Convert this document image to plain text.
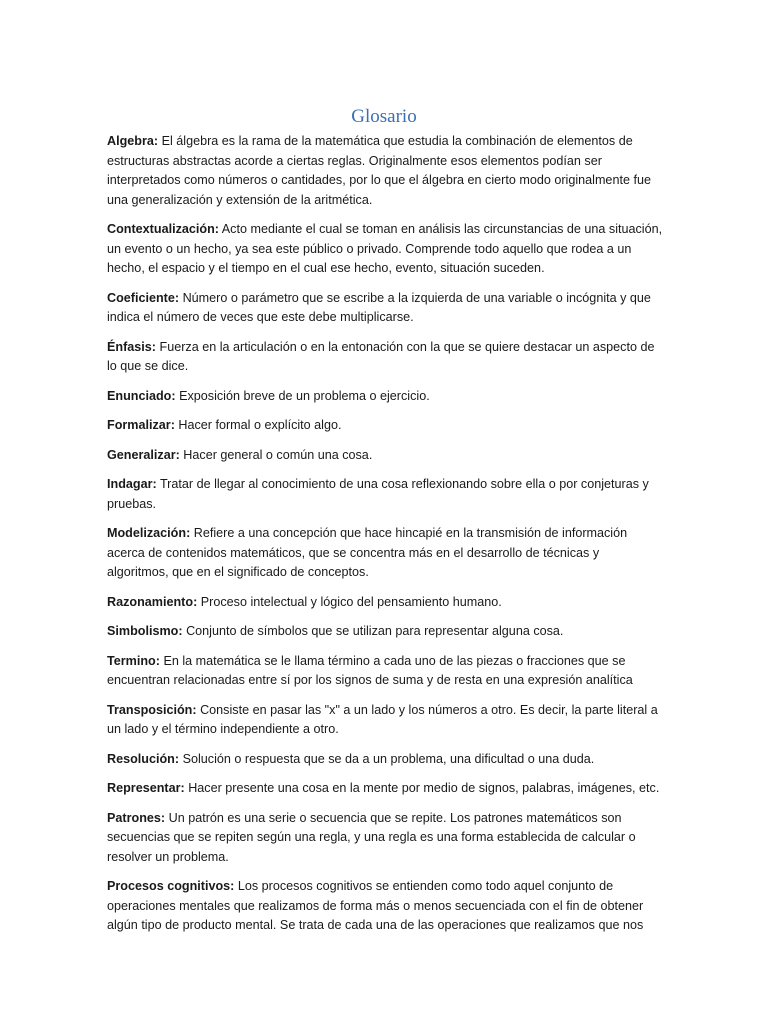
Glosario

Algebra: El álgebra es la rama de la matemática que estudia la combinación de elementos de estructuras abstractas acorde a ciertas reglas. Originalmente esos elementos podían ser interpretados como números o cantidades, por lo que el álgebra en cierto modo originalmente fue una generalización y extensión de la aritmética.

Contextualización: Acto mediante el cual se toman en análisis las circunstancias de una situación, un evento o un hecho, ya sea este público o privado. Comprende todo aquello que rodea a un hecho, el espacio y el tiempo en el cual ese hecho, evento, situación suceden.

Coeficiente: Número o parámetro que se escribe a la izquierda de una variable o incógnita y que indica el número de veces que este debe multiplicarse.

Énfasis: Fuerza en la articulación o en la entonación con la que se quiere destacar un aspecto de lo que se dice.

Enunciado: Exposición breve de un problema o ejercicio.

Formalizar: Hacer formal o explícito algo.

Generalizar: Hacer general o común una cosa.

Indagar: Tratar de llegar al conocimiento de una cosa reflexionando sobre ella o por conjeturas y pruebas.

Modelización: Refiere a una concepción que hace hincapié en la transmisión de información acerca de contenidos matemáticos, que se concentra más en el desarrollo de técnicas y algoritmos, que en el significado de conceptos.

Razonamiento: Proceso intelectual y lógico del pensamiento humano.

Simbolismo: Conjunto de símbolos que se utilizan para representar alguna cosa.

Termino: En la matemática se le llama término a cada uno de las piezas o fracciones que se encuentran relacionadas entre sí por los signos de suma y de resta en una expresión analítica

Transposición: Consiste en pasar las "x" a un lado y los números a otro. Es decir, la parte literal a un lado y el término independiente a otro.

Resolución: Solución o respuesta que se da a un problema, una dificultad o una duda.

Representar: Hacer presente una cosa en la mente por medio de signos, palabras, imágenes, etc.

Patrones: Un patrón es una serie o secuencia que se repite. Los patrones matemáticos son secuencias que se repiten según una regla, y una regla es una forma establecida de calcular o resolver un problema.

Procesos cognitivos: Los procesos cognitivos se entienden como todo aquel conjunto de operaciones mentales que realizamos de forma más o menos secuenciada con el fin de obtener algún tipo de producto mental. Se trata de cada una de las operaciones que realizamos que nos
